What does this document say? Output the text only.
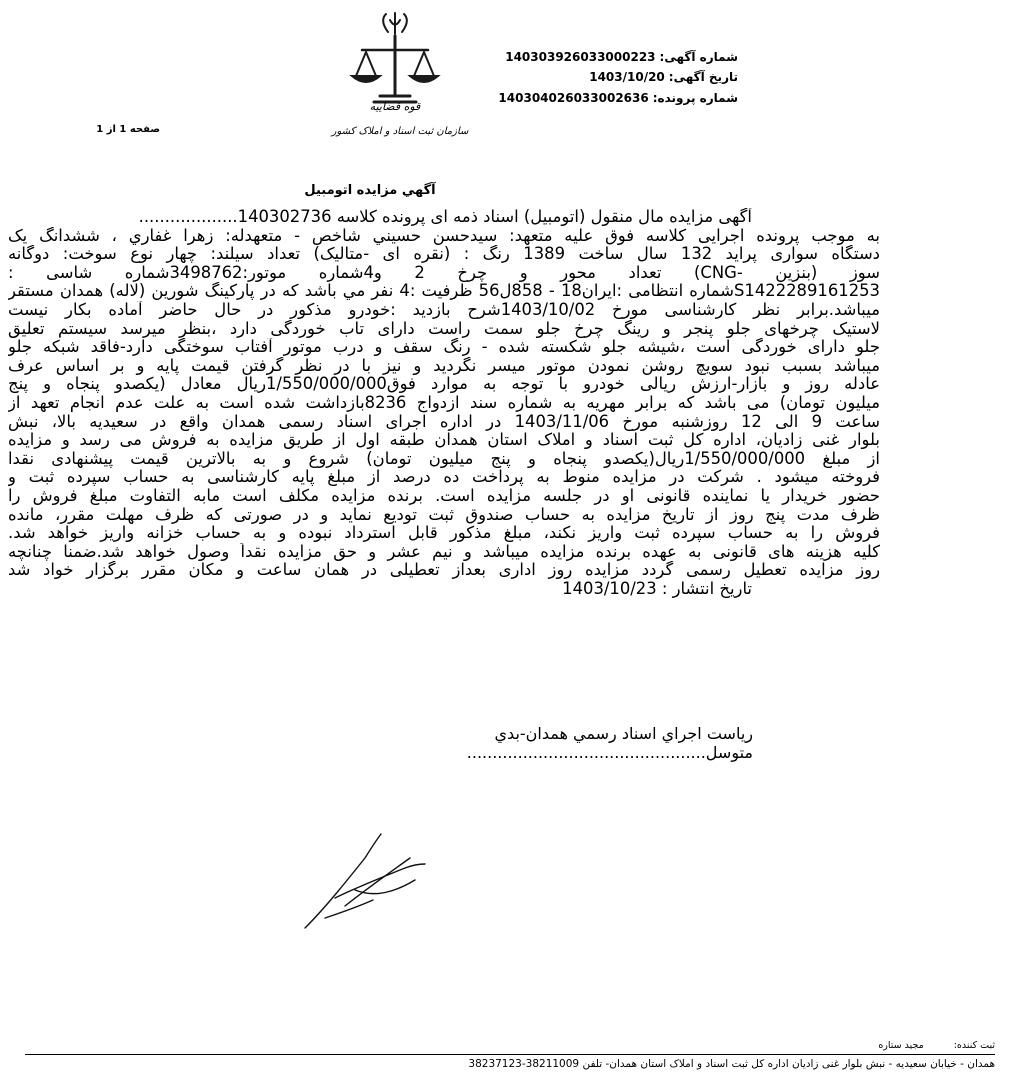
شماره آگهی:140303926033000223
تاریخ آگهی:1403/10/20
شماره پرونده:140304026033002636
قوه قضاییه
سازمان ثبت اسناد و املاک کشور
صفحه 1 از 1
آگهي مزايده اتومبيل
آگهی مزایده مال منقول (اتومبیل) اسناد ذمه ای پرونده کلاسه 140302736...................
به موجب پرونده اجرایی کلاسه فوق علیه متعهد: سيدحسن حسيني شاخص - متعهدله: زهرا غفاري ، ششدانگ یک
دستگاه سواری پراید 132 سال ساخت 1389 رنگ : (نقره ای -متالیک) تعداد سیلند: چهار نوع سوخت: دوگانه
سوز (بنزین -CNG) تعداد محور و چرخ 2 و4شماره موتور:3498762شماره شاسی :
S1422289161253شماره انتظامی :ایران18 - 858ل56 ظرفیت :4 نفر مي باشد که در پارکینگ شورین (لاله) همدان مستقر
میباشد.برابر نظر کارشناسی مورخ 1403/10/02شرح بازدید :خودرو مذکور در حال حاضر آماده بکار نیست
لاستیک چرخهای جلو پنجر و رینگ چرخ جلو سمت راست دارای تاب خوردگی دارد ،بنظر میرسد سیستم تعلیق
جلو دارای خوردگی است ،شیشه جلو شکسته شده - رنگ سقف و درب موتور آفتاب سوختگی دارد-فاقد شبکه جلو
میباشد بسبب نبود سویچ روشن نمودن موتور میسر نگردید و نیز با در نظر گرفتن قیمت پایه و بر اساس عرف
عادله روز و بازار-ارزش ریالی خودرو با توجه به موارد فوق1/550/000/000ریال معادل (یکصدو پنجاه و پنج
میلیون تومان) می باشد که برابر مهریه به شماره سند ازدواج 8236بازداشت شده است به علت عدم انجام تعهد از
ساعت 9 الی 12 روزشنبه مورخ 1403/11/06 در اداره اجرای اسناد رسمی همدان واقع در سعیدیه بالا، نبش
بلوار غنی زادیان، اداره کل ثبت اسناد و املاک استان همدان طبقه اول از طریق مزایده به فروش می رسد و مزایده
از مبلغ 1/550/000/000ریال(یکصدو پنجاه و پنج میلیون تومان) شروع و به بالاترین قیمت پیشنهادی نقدا
فروخته میشود . شرکت در مزایده منوط به پرداخت ده درصد از مبلغ پایه کارشناسی به حساب سپرده ثبت و
حضور خریدار یا نماینده قانونی او در جلسه مزایده است. برنده مزایده مکلف است مابه التفاوت مبلغ فروش را
ظرف مدت پنج روز از تاریخ مزایده به حساب صندوق ثبت تودیع نماید و در صورتی که ظرف مهلت مقرر، مانده
فروش را به حساب سپرده ثبت واریز نکند، مبلغ مذکور قابل استرداد نبوده و به حساب خزانه واریز خواهد شد.
کلیه هزینه های قانونی به عهده برنده مزایده میباشد و نیم عشر و حق مزایده نقداً وصول خواهد شد.ضمنا چنانچه
روز مزایده تعطیل رسمی گردد مزایده روز اداری بعداز تعطیلی در همان ساعت و مکان مقرر برگزار خواد شد
تاریخ انتشار : 1403/10/23
رياست اجراي اسناد رسمي همدان-بدي متوسل...............................................
ثبت کننده:مجید ستاره
همدان - خیابان سعیدیه - نبش بلوار غنی زادیان اداره کل ثبت اسناد و املاک استان همدان- تلفن 38211009-38237123
